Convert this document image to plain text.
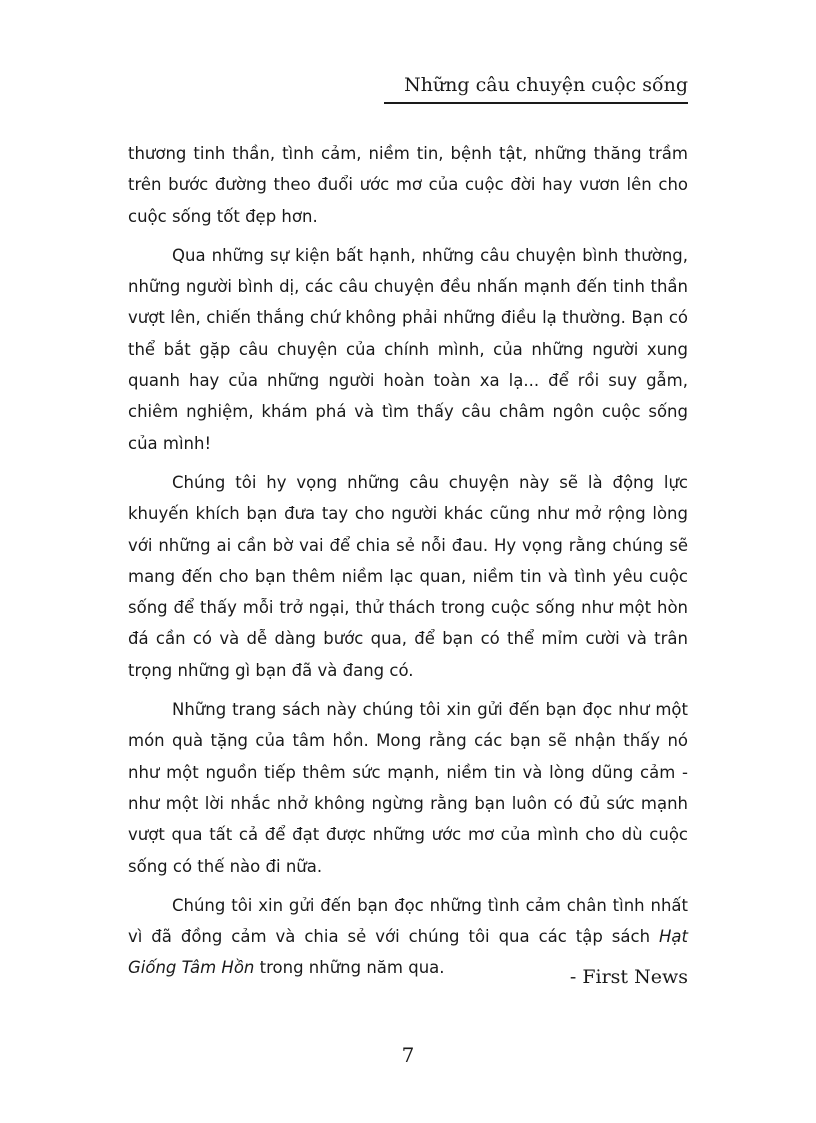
Những câu chuyện cuộc sống

thương tinh thần, tình cảm, niềm tin, bệnh tật, những thăng trầm trên bước đường theo đuổi ước mơ của cuộc đời hay vươn lên cho cuộc sống tốt đẹp hơn.

Qua những sự kiện bất hạnh, những câu chuyện bình thường, những người bình dị, các câu chuyện đều nhấn mạnh đến tinh thần vượt lên, chiến thắng chứ không phải những điều lạ thường. Bạn có thể bắt gặp câu chuyện của chính mình, của những người xung quanh hay của những người hoàn toàn xa lạ... để rồi suy gẫm, chiêm nghiệm, khám phá và tìm thấy câu châm ngôn cuộc sống của mình!

Chúng tôi hy vọng những câu chuyện này sẽ là động lực khuyến khích bạn đưa tay cho người khác cũng như mở rộng lòng với những ai cần bờ vai để chia sẻ nỗi đau. Hy vọng rằng chúng sẽ mang đến cho bạn thêm niềm lạc quan, niềm tin và tình yêu cuộc sống để thấy mỗi trở ngại, thử thách trong cuộc sống như một hòn đá cần có và dễ dàng bước qua, để bạn có thể mỉm cười và trân trọng những gì bạn đã và đang có.

Những trang sách này chúng tôi xin gửi đến bạn đọc như một món quà tặng của tâm hồn. Mong rằng các bạn sẽ nhận thấy nó như một nguồn tiếp thêm sức mạnh, niềm tin và lòng dũng cảm - như một lời nhắc nhở không ngừng rằng bạn luôn có đủ sức mạnh vượt qua tất cả để đạt được những ước mơ của mình cho dù cuộc sống có thế nào đi nữa.

Chúng tôi xin gửi đến bạn đọc những tình cảm chân tình nhất vì đã đồng cảm và chia sẻ với chúng tôi qua các tập sách Hạt Giống Tâm Hồn trong những năm qua.	- First News
7
